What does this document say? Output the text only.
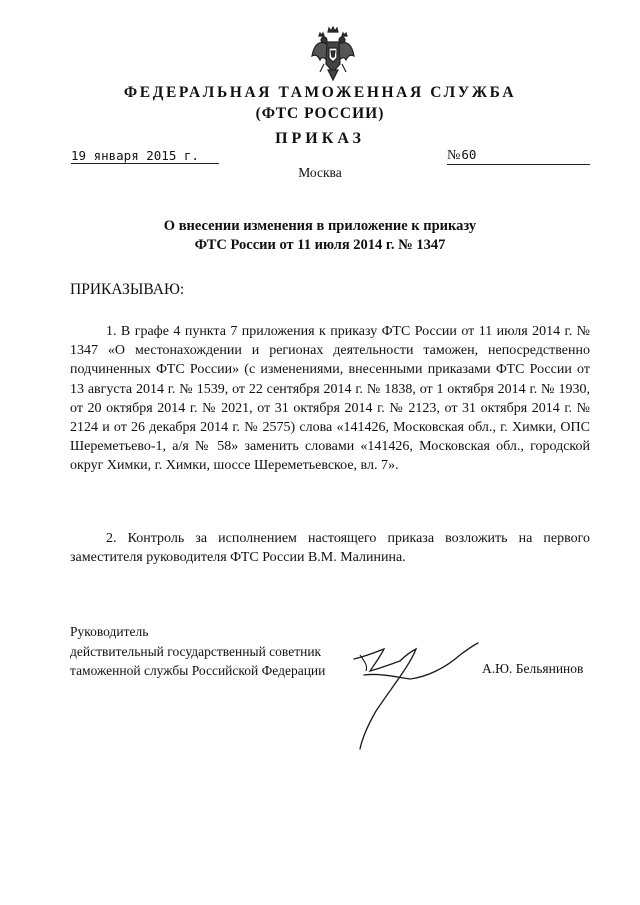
ФЕДЕРАЛЬНАЯ ТАМОЖЕННАЯ СЛУЖБА
(ФТС РОССИИ)
ПРИКАЗ
19 января 2015 г.	№60
Москва
О внесении изменения в приложение к приказу
ФТС России от 11 июля 2014 г. № 1347
ПРИКАЗЫВАЮ:

1. В графе 4 пункта 7 приложения к приказу ФТС России от 11 июля 2014 г. № 1347 «О местонахождении и регионах деятельности таможен, непосредственно подчиненных ФТС России» (с изменениями, внесенными приказами ФТС России от 13 августа 2014 г. № 1539, от 22 сентября 2014 г. № 1838, от 1 октября 2014 г. № 1930, от 20 октября 2014 г. № 2021, от 31 октября 2014 г. № 2123, от 31 октября 2014 г. № 2124 и от 26 декабря 2014 г. № 2575) слова «141426, Московская обл., г. Химки, ОПС Шереметьево-1, а/я № 58» заменить словами «141426, Московская обл., городской округ Химки, г. Химки, шоссе Шереметьевское, вл. 7».

2. Контроль за исполнением настоящего приказа возложить на первого заместителя руководителя ФТС России В.М. Малинина.

Руководитель
действительный государственный советник
таможенной службы Российской Федерации	А.Ю. Бельянинов
